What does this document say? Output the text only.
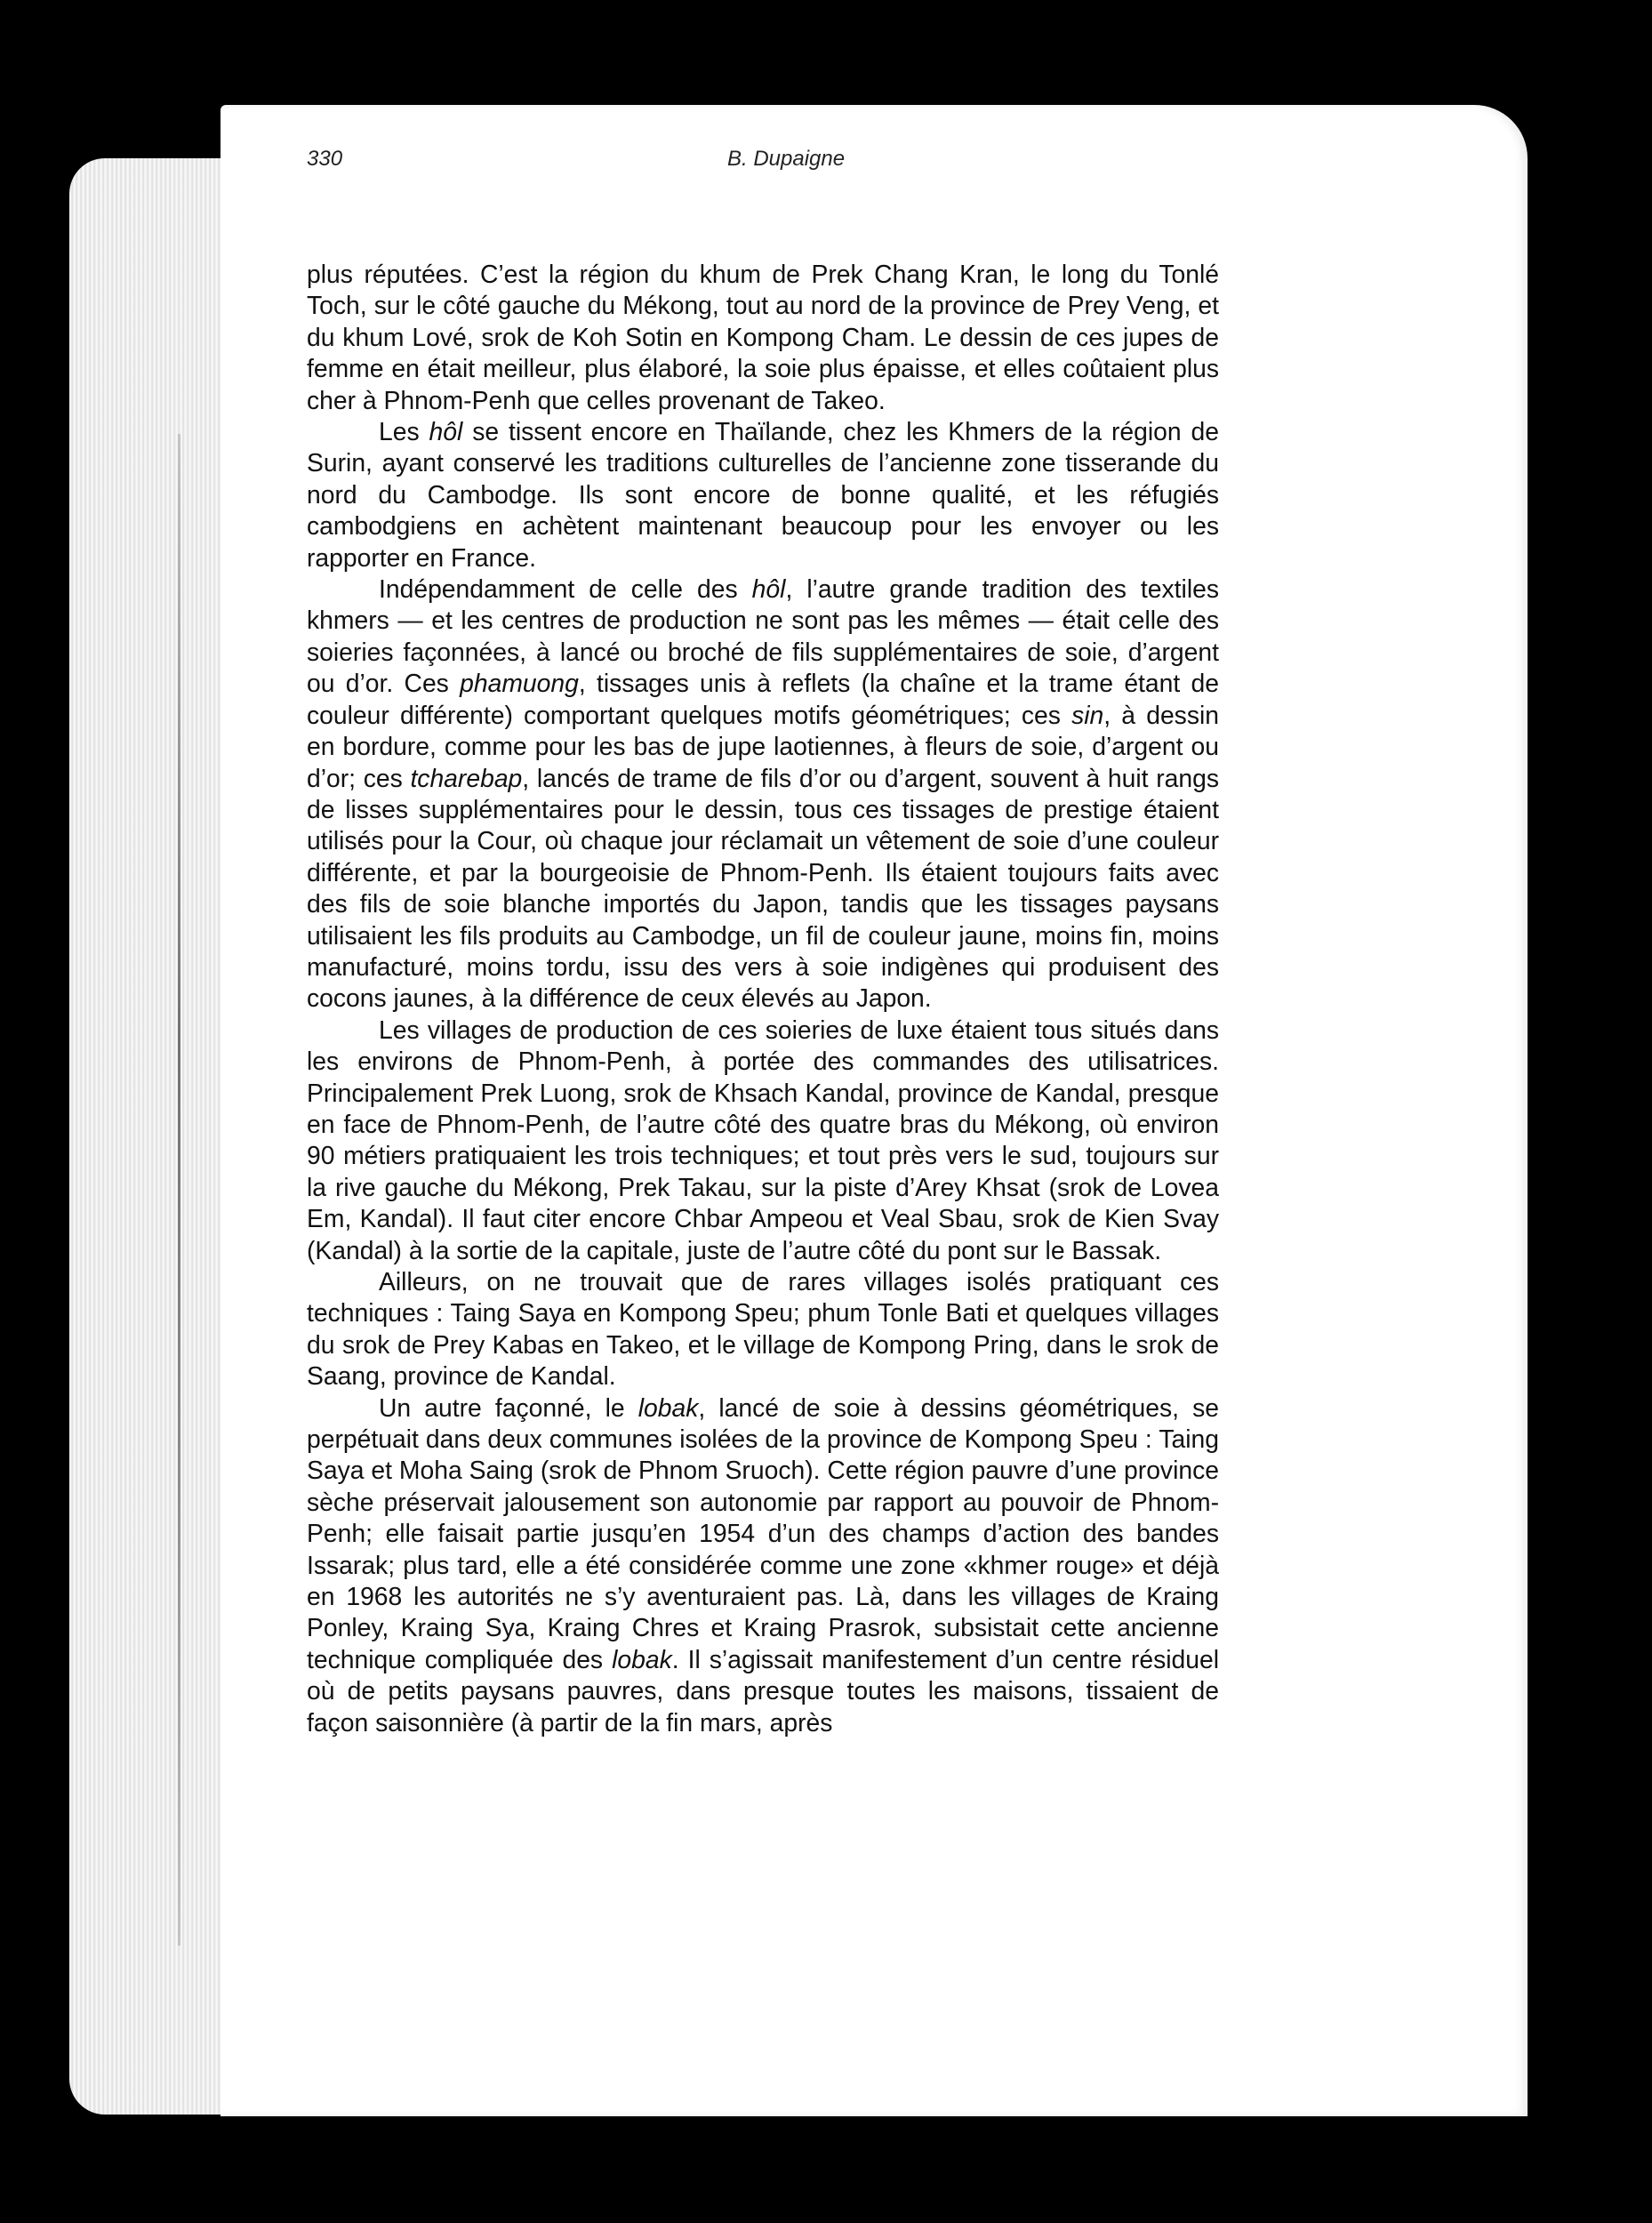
330	B. Dupaigne

plus réputées. C’est la région du khum de Prek Chang Kran, le long du Tonlé Toch, sur le côté gauche du Mékong, tout au nord de la province de Prey Veng, et du khum Lové, srok de Koh Sotin en Kompong Cham. Le dessin de ces jupes de femme en était meilleur, plus élaboré, la soie plus épaisse, et elles coûtaient plus cher à Phnom-Penh que celles provenant de Takeo.

Les hôl se tissent encore en Thaïlande, chez les Khmers de la région de Surin, ayant conservé les traditions culturelles de l’ancienne zone tisserande du nord du Cambodge. Ils sont encore de bonne qualité, et les réfugiés cambodgiens en achètent maintenant beaucoup pour les envoyer ou les rapporter en France.

Indépendamment de celle des hôl, l’autre grande tradition des textiles khmers — et les centres de production ne sont pas les mêmes — était celle des soieries façonnées, à lancé ou broché de fils supplémentaires de soie, d’argent ou d’or. Ces phamuong, tissages unis à reflets (la chaîne et la trame étant de couleur différente) comportant quelques motifs géométriques; ces sin, à dessin en bordure, comme pour les bas de jupe laotiennes, à fleurs de soie, d’argent ou d’or; ces tcharebap, lancés de trame de fils d’or ou d’argent, souvent à huit rangs de lisses supplémentaires pour le dessin, tous ces tissages de prestige étaient utilisés pour la Cour, où chaque jour réclamait un vêtement de soie d’une couleur différente, et par la bourgeoisie de Phnom-Penh. Ils étaient toujours faits avec des fils de soie blanche importés du Japon, tandis que les tissages paysans utilisaient les fils produits au Cambodge, un fil de couleur jaune, moins fin, moins manufacturé, moins tordu, issu des vers à soie indigènes qui produisent des cocons jaunes, à la différence de ceux élevés au Japon.

Les villages de production de ces soieries de luxe étaient tous situés dans les environs de Phnom-Penh, à portée des commandes des utilisatrices. Principalement Prek Luong, srok de Khsach Kandal, province de Kandal, presque en face de Phnom-Penh, de l’autre côté des quatre bras du Mékong, où environ 90 métiers pratiquaient les trois techniques; et tout près vers le sud, toujours sur la rive gauche du Mékong, Prek Takau, sur la piste d’Arey Khsat (srok de Lovea Em, Kandal). Il faut citer encore Chbar Ampeou et Veal Sbau, srok de Kien Svay (Kandal) à la sortie de la capitale, juste de l’autre côté du pont sur le Bassak.

Ailleurs, on ne trouvait que de rares villages isolés pratiquant ces techniques : Taing Saya en Kompong Speu; phum Tonle Bati et quelques villages du srok de Prey Kabas en Takeo, et le village de Kompong Pring, dans le srok de Saang, province de Kandal.

Un autre façonné, le lobak, lancé de soie à dessins géométriques, se perpétuait dans deux communes isolées de la province de Kompong Speu : Taing Saya et Moha Saing (srok de Phnom Sruoch). Cette région pauvre d’une province sèche préservait jalousement son autonomie par rapport au pouvoir de Phnom-Penh; elle faisait partie jusqu’en 1954 d’un des champs d’action des bandes Issarak; plus tard, elle a été considérée comme une zone «khmer rouge» et déjà en 1968 les autorités ne s’y aventuraient pas. Là, dans les villages de Kraing Ponley, Kraing Sya, Kraing Chres et Kraing Prasrok, subsistait cette ancienne technique compliquée des lobak. Il s’agissait manifestement d’un centre résiduel où de petits paysans pauvres, dans presque toutes les maisons, tissaient de façon saisonnière (à partir de la fin mars, après
